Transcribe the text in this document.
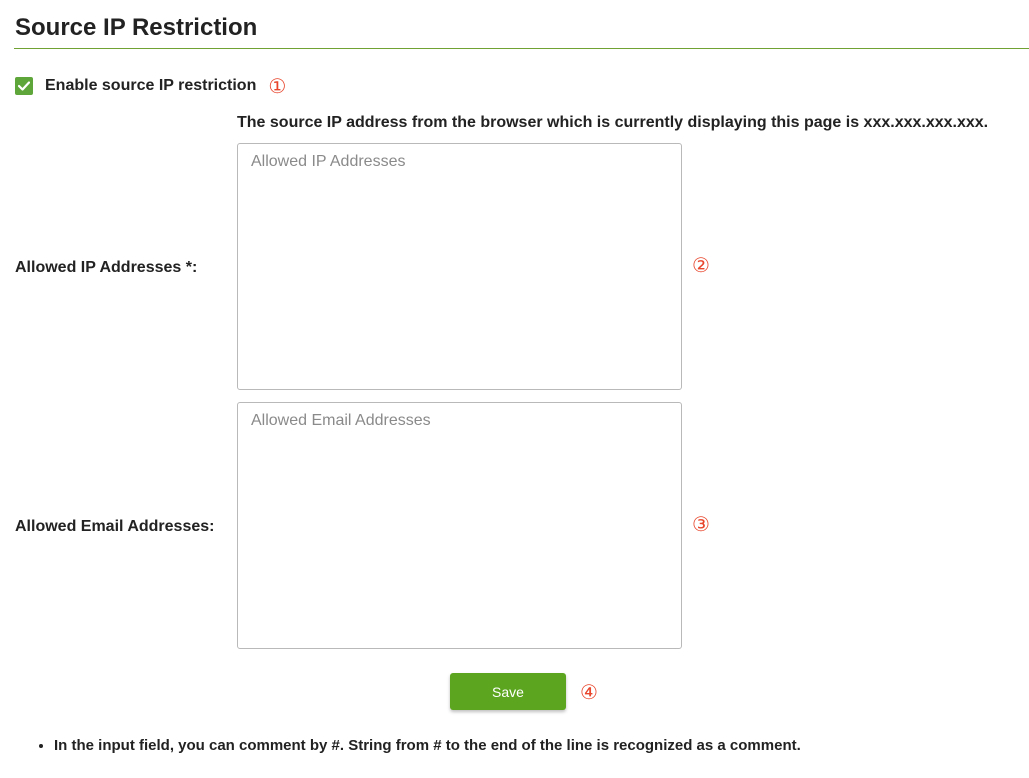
Source IP Restriction
Enable source IP restriction ①
The source IP address from the browser which is currently displaying this page is xxx.xxx.xxx.xxx.
Allowed IP Addresses *:
Allowed IP Addresses	②
Allowed Email Addresses:
Allowed Email Addresses	③
Save	④
• In the input field, you can comment by #. String from # to the end of the line is recognized as a comment.
